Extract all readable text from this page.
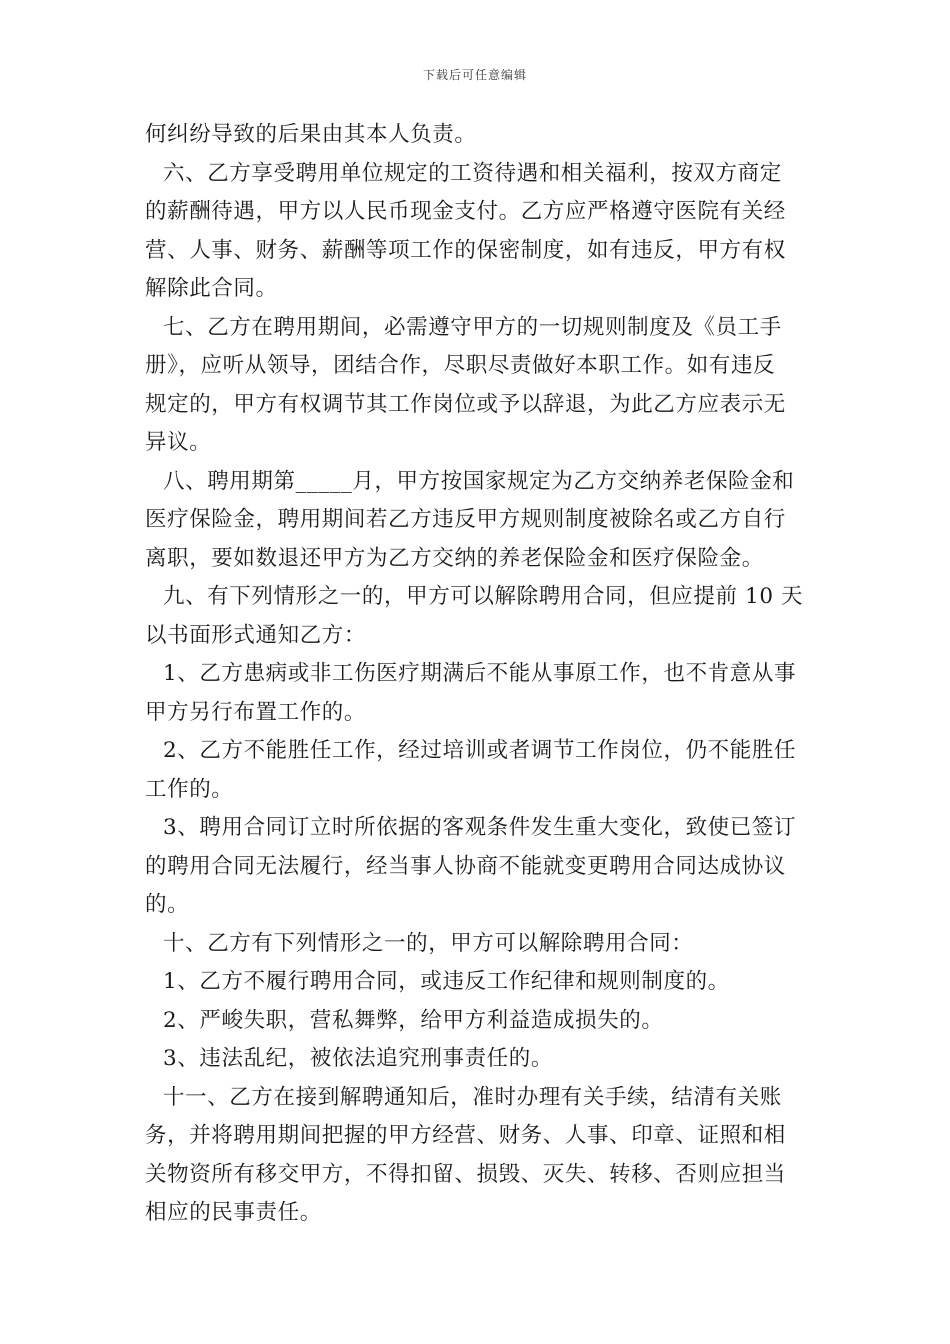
下载后可任意编辑
何纠纷导致的后果由其本人负责。
六、乙方享受聘用单位规定的工资待遇和相关福利，按双方商定
的薪酬待遇，甲方以人民币现金支付。乙方应严格遵守医院有关经
营、人事、财务、薪酬等项工作的保密制度，如有违反，甲方有权
解除此合同。
七、乙方在聘用期间，必需遵守甲方的一切规则制度及《员工手
册》，应听从领导，团结合作，尽职尽责做好本职工作。如有违反
规定的，甲方有权调节其工作岗位或予以辞退，为此乙方应表示无
异议。
八、聘用期第_____月，甲方按国家规定为乙方交纳养老保险金和
医疗保险金，聘用期间若乙方违反甲方规则制度被除名或乙方自行
离职，要如数退还甲方为乙方交纳的养老保险金和医疗保险金。
九、有下列情形之一的，甲方可以解除聘用合同，但应提前 10 天
以书面形式通知乙方：
1、乙方患病或非工伤医疗期满后不能从事原工作，也不肯意从事
甲方另行布置工作的。
2、乙方不能胜任工作，经过培训或者调节工作岗位，仍不能胜任
工作的。
3、聘用合同订立时所依据的客观条件发生重大变化，致使已签订
的聘用合同无法履行，经当事人协商不能就变更聘用合同达成协议
的。
十、乙方有下列情形之一的，甲方可以解除聘用合同：
1、乙方不履行聘用合同，或违反工作纪律和规则制度的。
2、严峻失职，营私舞弊，给甲方利益造成损失的。
3、违法乱纪，被依法追究刑事责任的。
十一、乙方在接到解聘通知后，准时办理有关手续，结清有关账
务，并将聘用期间把握的甲方经营、财务、人事、印章、证照和相
关物资所有移交甲方，不得扣留、损毁、灭失、转移、否则应担当
相应的民事责任。
